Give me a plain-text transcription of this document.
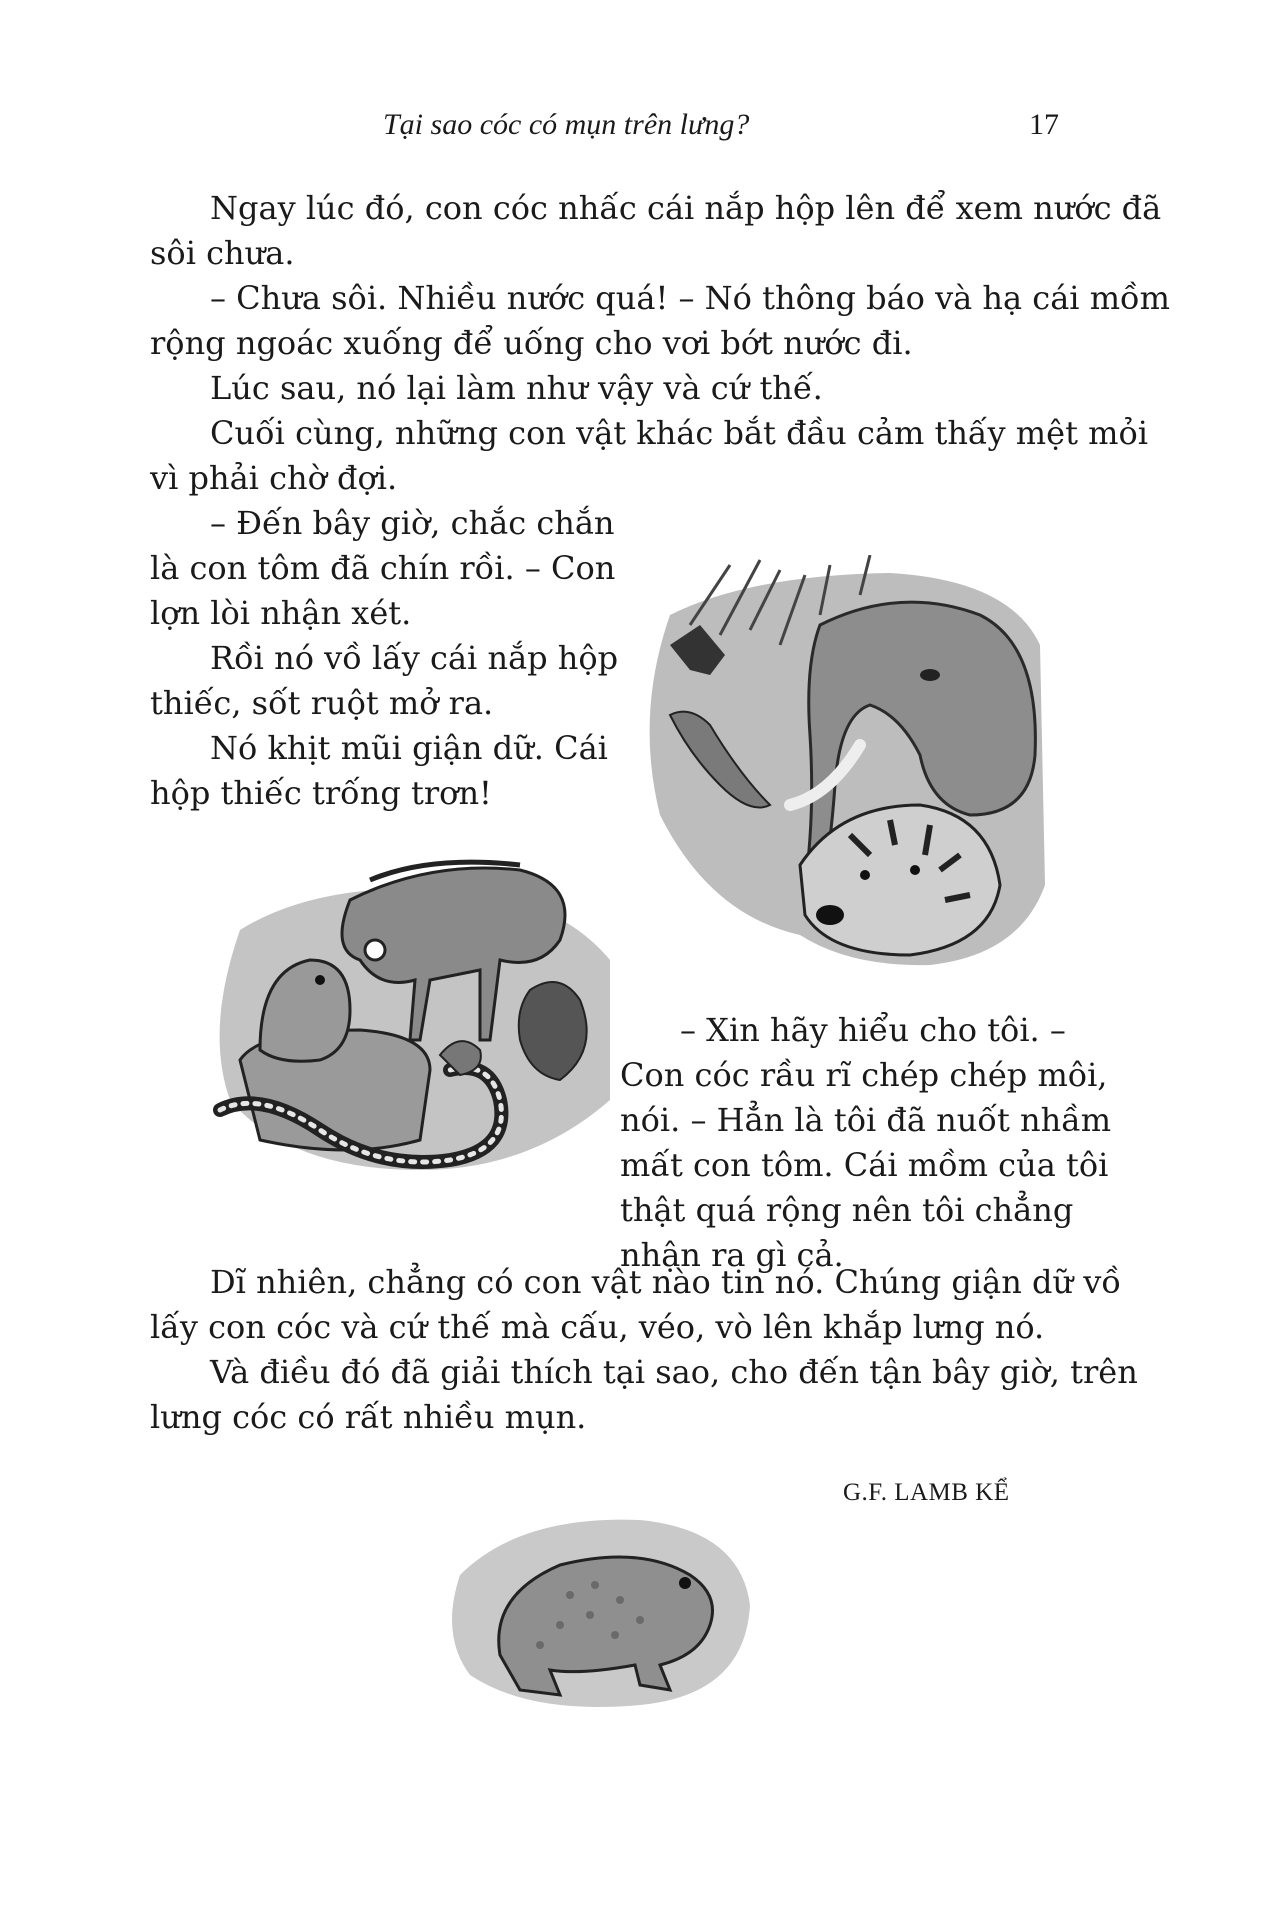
Tại sao cóc có mụn trên lưng?	17
Ngay lúc đó, con cóc nhấc cái nắp hộp lên để xem nước đã
sôi chưa.
– Chưa sôi. Nhiều nước quá! – Nó thông báo và hạ cái mồm
rộng ngoác xuống để uống cho vơi bớt nước đi.
Lúc sau, nó lại làm như vậy và cứ thế.
Cuối cùng, những con vật khác bắt đầu cảm thấy mệt mỏi
vì phải chờ đợi.
– Đến bây giờ, chắc chắn
là con tôm đã chín rồi. – Con
lợn lòi nhận xét.
Rồi nó vồ lấy cái nắp hộp
thiếc, sốt ruột mở ra.
Nó khịt mũi giận dữ. Cái
hộp thiếc trống trơn!
– Xin hãy hiểu cho tôi. –
Con cóc rầu rĩ chép chép môi,
nói. – Hẳn là tôi đã nuốt nhầm
mất con tôm. Cái mồm của tôi
thật quá rộng nên tôi chẳng
nhận ra gì cả.
Dĩ nhiên, chẳng có con vật nào tin nó. Chúng giận dữ vồ
lấy con cóc và cứ thế mà cấu, véo, vò lên khắp lưng nó.
Và điều đó đã giải thích tại sao, cho đến tận bây giờ, trên
lưng cóc có rất nhiều mụn.
G.F. LAMB KỂ
